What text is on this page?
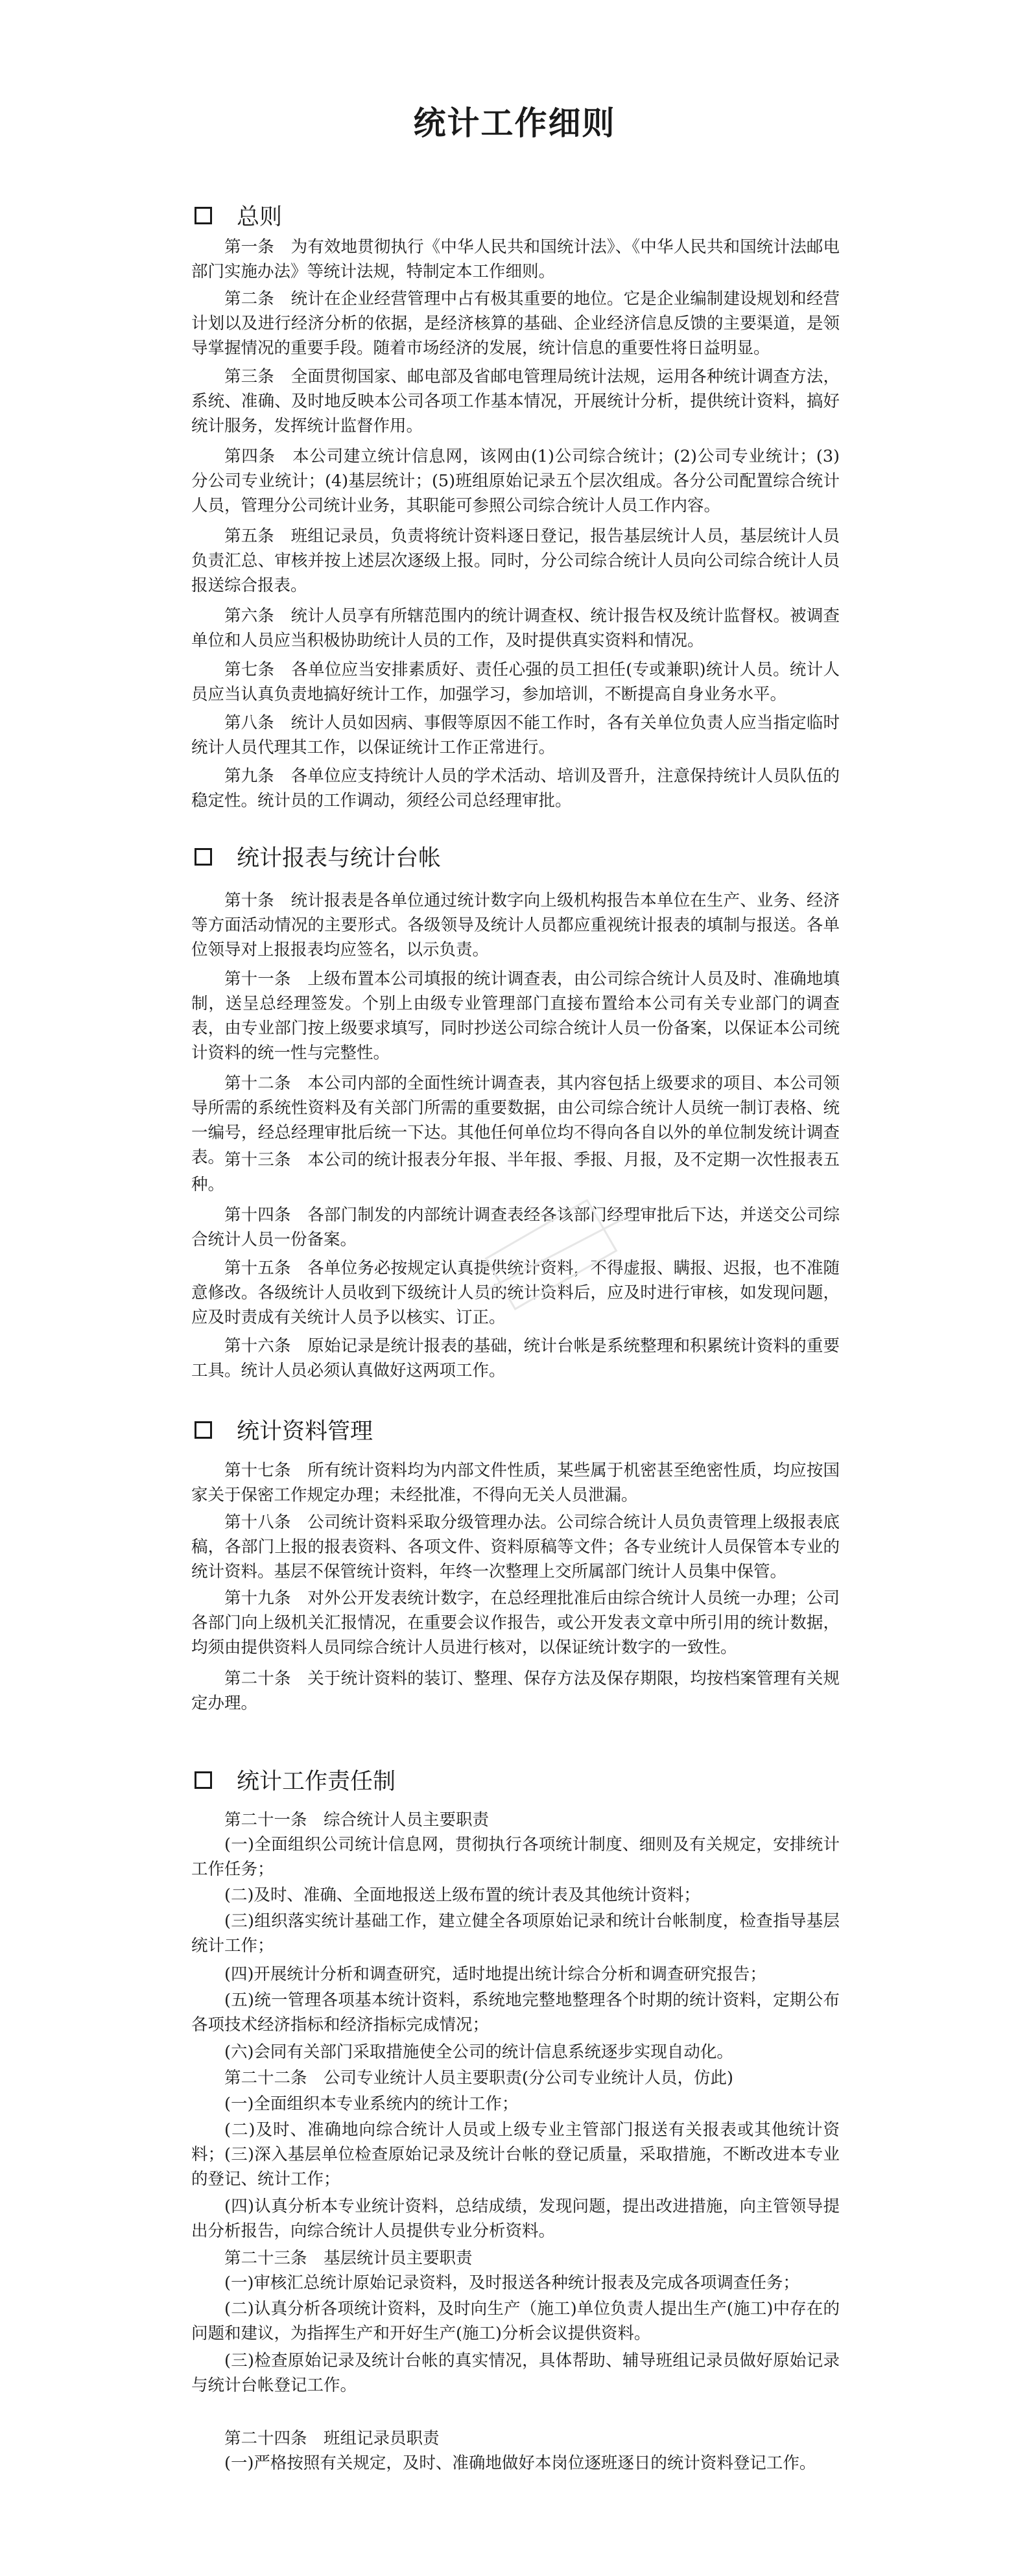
统计工作细则
总则

第一条　为有效地贯彻执行《中华人民共和国统计法》、《中华人民共和国统计法邮电部门实施办法》等统计法规，特制定本工作细则。

第二条　统计在企业经营管理中占有极其重要的地位。它是企业编制建设规划和经营计划以及进行经济分析的依据，是经济核算的基础、企业经济信息反馈的主要渠道，是领导掌握情况的重要手段。随着市场经济的发展，统计信息的重要性将日益明显。

第三条　全面贯彻国家、邮电部及省邮电管理局统计法规，运用各种统计调查方法，系统、准确、及时地反映本公司各项工作基本情况，开展统计分析，提供统计资料，搞好统计服务，发挥统计监督作用。

第四条　本公司建立统计信息网，该网由(1)公司综合统计；(2)公司专业统计；(3)分公司专业统计；(4)基层统计；(5)班组原始记录五个层次组成。各分公司配置综合统计人员，管理分公司统计业务，其职能可参照公司综合统计人员工作内容。

第五条　班组记录员，负责将统计资料逐日登记，报告基层统计人员，基层统计人员负责汇总、审核并按上述层次逐级上报。同时，分公司综合统计人员向公司综合统计人员报送综合报表。

第六条　统计人员享有所辖范围内的统计调查权、统计报告权及统计监督权。被调查单位和人员应当积极协助统计人员的工作，及时提供真实资料和情况。

第七条　各单位应当安排素质好、责任心强的员工担任(专或兼职)统计人员。统计人员应当认真负责地搞好统计工作，加强学习，参加培训，不断提高自身业务水平。

第八条　统计人员如因病、事假等原因不能工作时，各有关单位负责人应当指定临时统计人员代理其工作，以保证统计工作正常进行。

第九条　各单位应支持统计人员的学术活动、培训及晋升，注意保持统计人员队伍的稳定性。统计员的工作调动，须经公司总经理审批。

统计报表与统计台帐

第十条　统计报表是各单位通过统计数字向上级机构报告本单位在生产、业务、经济等方面活动情况的主要形式。各级领导及统计人员都应重视统计报表的填制与报送。各单位领导对上报报表均应签名，以示负责。

第十一条　上级布置本公司填报的统计调查表，由公司综合统计人员及时、准确地填制，送呈总经理签发。个别上由级专业管理部门直接布置给本公司有关专业部门的调查表，由专业部门按上级要求填写，同时抄送公司综合统计人员一份备案，以保证本公司统计资料的统一性与完整性。

第十二条　本公司内部的全面性统计调查表，其内容包括上级要求的项目、本公司领导所需的系统性资料及有关部门所需的重要数据，由公司综合统计人员统一制订表格、统一编号，经总经理审批后统一下达。其他任何单位均不得向各自以外的单位制发统计调查表。 第十三条　本公司的统计报表分年报、半年报、季报、月报，及不定期一次性报表五种。

第十四条　各部门制发的内部统计调查表经各该部门经理审批后下达，并送交公司综合统计人员一份备案。

第十五条　各单位务必按规定认真提供统计资料，不得虚报、瞒报、迟报，也不准随意修改。各级统计人员收到下级统计人员的统计资料后，应及时进行审核，如发现问题，应及时责成有关统计人员予以核实、订正。

第十六条　原始记录是统计报表的基础，统计台帐是系统整理和积累统计资料的重要工具。统计人员必须认真做好这两项工作。

统计资料管理

第十七条　所有统计资料均为内部文件性质，某些属于机密甚至绝密性质，均应按国家关于保密工作规定办理；未经批准，不得向无关人员泄漏。

第十八条　公司统计资料采取分级管理办法。公司综合统计人员负责管理上级报表底稿，各部门上报的报表资料、各项文件、资料原稿等文件；各专业统计人员保管本专业的统计资料。基层不保管统计资料，年终一次整理上交所属部门统计人员集中保管。

第十九条　对外公开发表统计数字，在总经理批准后由综合统计人员统一办理；公司各部门向上级机关汇报情况，在重要会议作报告，或公开发表文章中所引用的统计数据，均须由提供资料人员同综合统计人员进行核对，以保证统计数字的一致性。

第二十条　关于统计资料的装订、整理、保存方法及保存期限，均按档案管理有关规定办理。

统计工作责任制

第二十一条　综合统计人员主要职责

(一)全面组织公司统计信息网，贯彻执行各项统计制度、细则及有关规定，安排统计工作任务；

(二)及时、准确、全面地报送上级布置的统计表及其他统计资料；

(三)组织落实统计基础工作，建立健全各项原始记录和统计台帐制度，检查指导基层统计工作；

(四)开展统计分析和调查研究，适时地提出统计综合分析和调查研究报告；

(五)统一管理各项基本统计资料，系统地完整地整理各个时期的统计资料，定期公布各项技术经济指标和经济指标完成情况；

(六)会同有关部门采取措施使全公司的统计信息系统逐步实现自动化。

第二十二条　公司专业统计人员主要职责(分公司专业统计人员，仿此)

(一)全面组织本专业系统内的统计工作；

(二)及时、准确地向综合统计人员或上级专业主管部门报送有关报表或其他统计资料； (三)深入基层单位检查原始记录及统计台帐的登记质量，采取措施，不断改进本专业的登记、统计工作；

(四)认真分析本专业统计资料，总结成绩，发现问题，提出改进措施，向主管领导提出分析报告，向综合统计人员提供专业分析资料。

第二十三条　基层统计员主要职责

(一)审核汇总统计原始记录资料，及时报送各种统计报表及完成各项调查任务；

(二)认真分析各项统计资料，及时向生产（施工)单位负责人提出生产(施工)中存在的问题和建议，为指挥生产和开好生产(施工)分析会议提供资料。

(三)检查原始记录及统计台帐的真实情况，具体帮助、辅导班组记录员做好原始记录与统计台帐登记工作。

第二十四条　班组记录员职责

(一)严格按照有关规定，及时、准确地做好本岗位逐班逐日的统计资料登记工作。
